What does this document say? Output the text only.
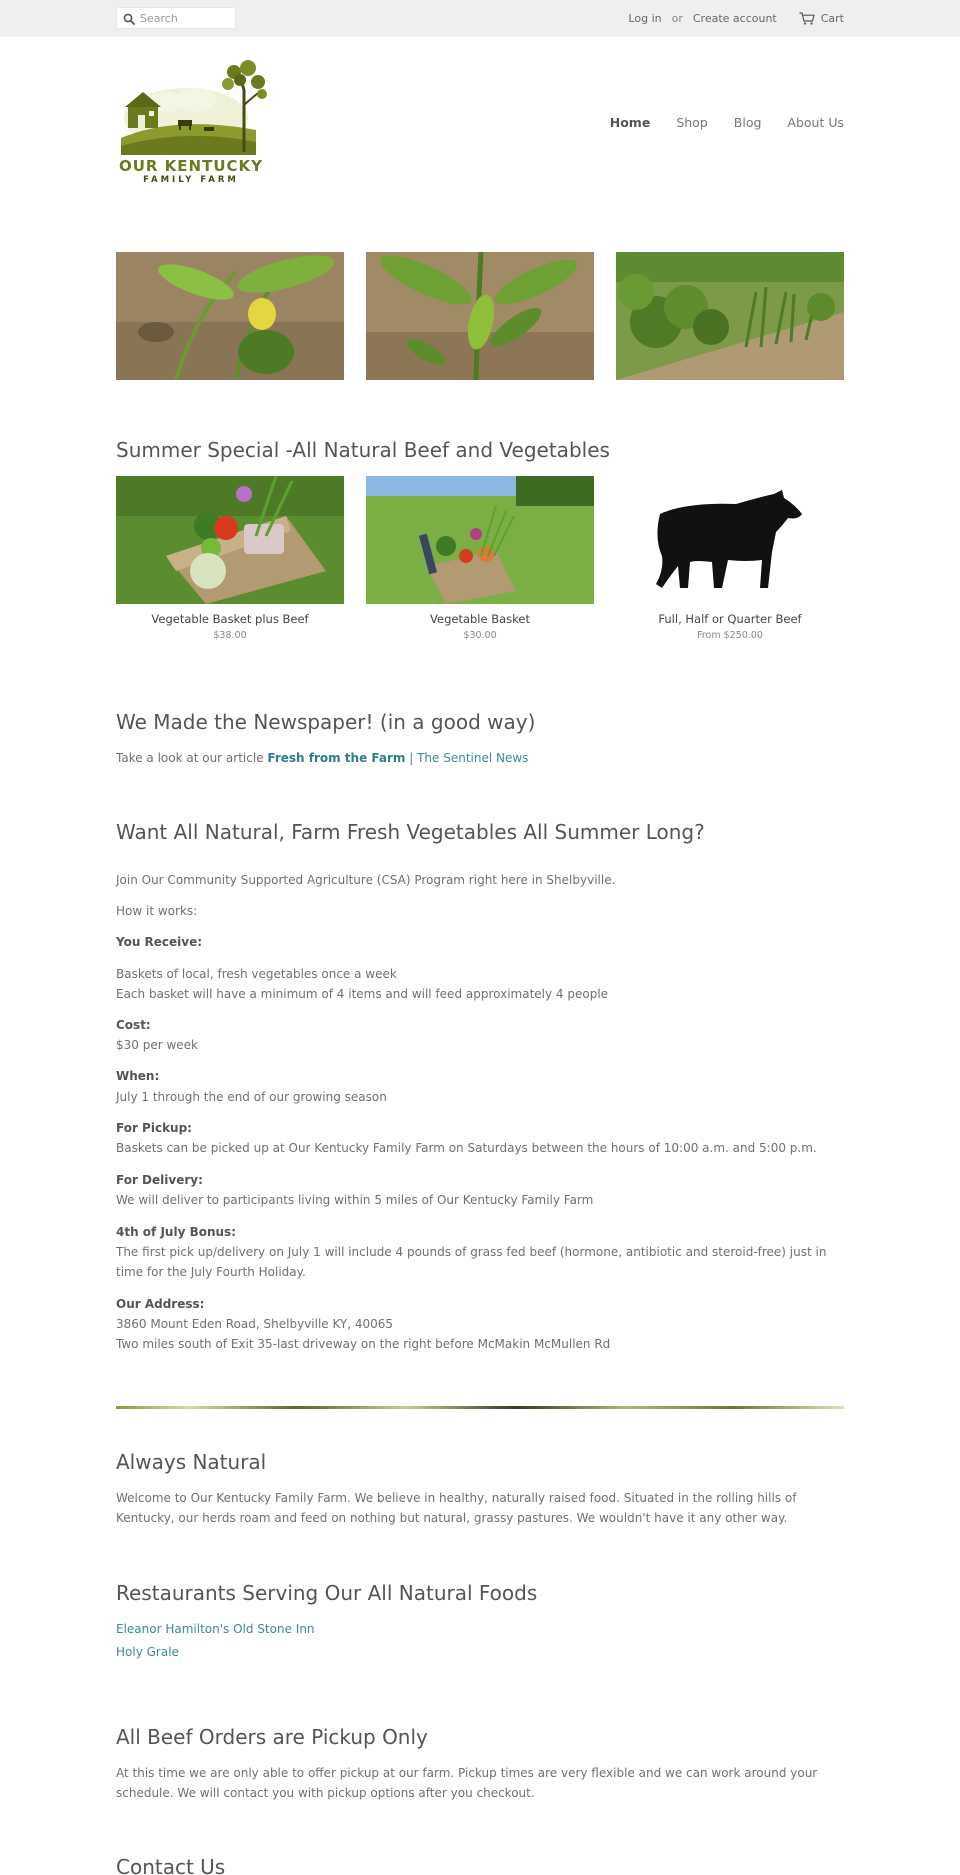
Search
Log in or Create account	Cart
OUR KENTUCKY
FAMILY FARM
Home Shop Blog About Us
Summer Special -All Natural Beef and Vegetables
Vegetable Basket plus Beef
$38.00
Vegetable Basket
$30.00
Full, Half or Quarter Beef
From $250.00
We Made the Newspaper! (in a good way)

Take a look at our article Fresh from the Farm | The Sentinel News

Want All Natural, Farm Fresh Vegetables All Summer Long?

Join Our Community Supported Agriculture (CSA) Program right here in Shelbyville.

How it works:

You Receive:

Baskets of local, fresh vegetables once a week

Each basket will have a minimum of 4 items and will feed approximately 4 people

Cost:

$30 per week

When:

July 1 through the end of our growing season

For Pickup:

Baskets can be picked up at Our Kentucky Family Farm on Saturdays between the hours of 10:00 a.m. and 5:00 p.m.

For Delivery:

We will deliver to participants living within 5 miles of Our Kentucky Family Farm

4th of July Bonus:

The first pick up/delivery on July 1 will include 4 pounds of grass fed beef (hormone, antibiotic and steroid-free) just in time for the July Fourth Holiday.

Our Address:

3860 Mount Eden Road, Shelbyville KY, 40065

Two miles south of Exit 35-last driveway on the right before McMakin McMullen Rd

Always Natural

Welcome to Our Kentucky Family Farm. We believe in healthy, naturally raised food. Situated in the rolling hills of Kentucky, our herds roam and feed on nothing but natural, grassy pastures. We wouldn't have it any other way.

Restaurants Serving Our All Natural Foods

Eleanor Hamilton's Old Stone Inn

Holy Grale

All Beef Orders are Pickup Only

At this time we are only able to offer pickup at our farm. Pickup times are very flexible and we can work around your schedule. We will contact you with pickup options after you checkout.

Contact Us
